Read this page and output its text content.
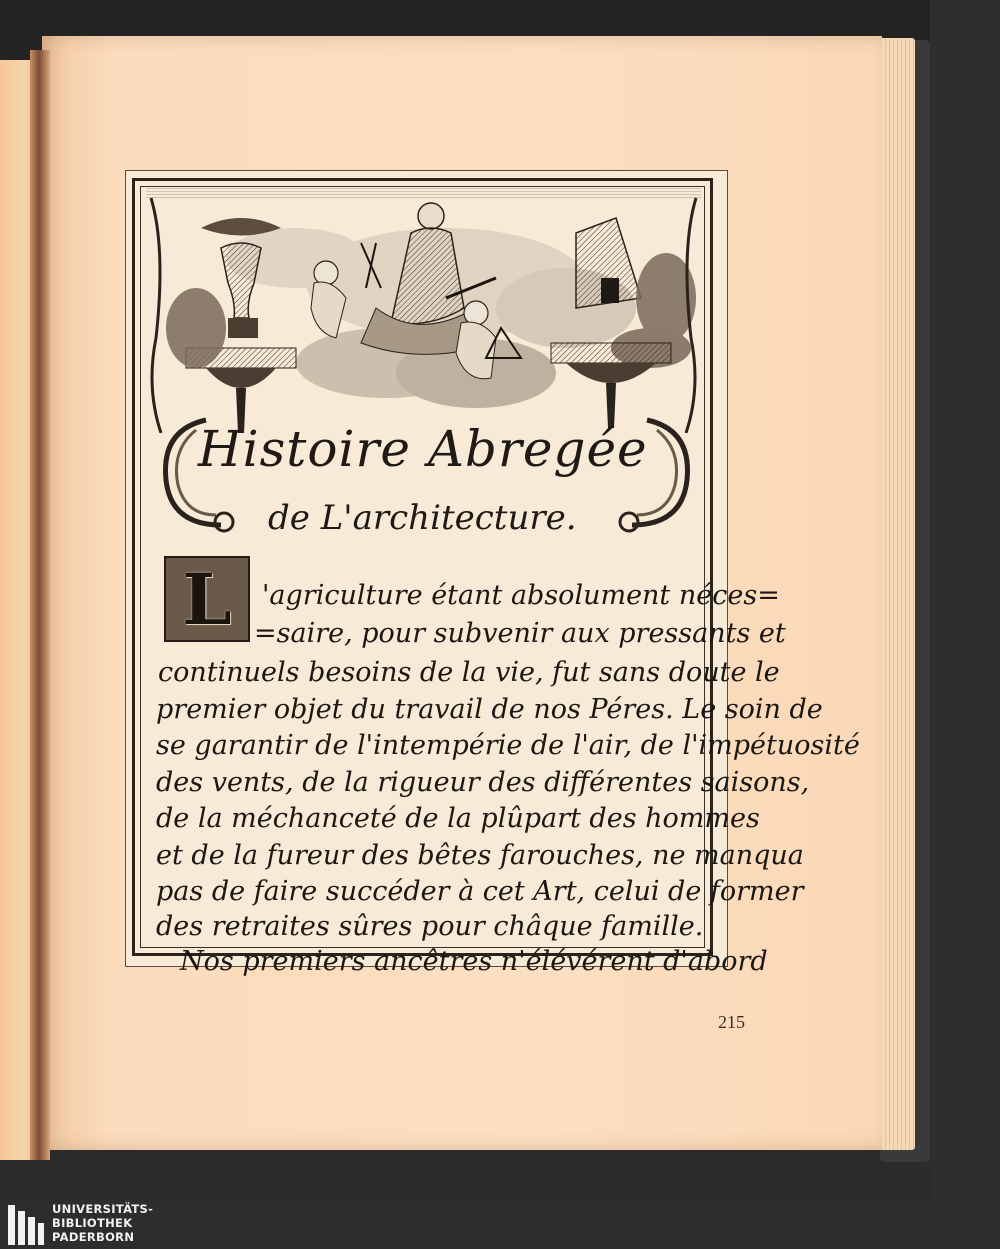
Histoire Abregée
de L'architecture.
L	'agriculture étant absolument néces=
=saire, pour subvenir aux pressants et
continuels besoins de la vie, fut sans doute le
premier objet du travail de nos Péres. Le soin de
se garantir de l'intempérie de l'air, de l'impétuosité
des vents, de la rigueur des différentes saisons,
de la méchanceté de la plûpart des hommes
et de la fureur des bêtes farouches, ne manqua
pas de faire succéder à cet Art, celui de former
des retraites sûres pour châque famille.
Nos premiers ancêtres n'élévérent d'abord
215
UNIVERSITÄTS-
BIBLIOTHEK
PADERBORN
